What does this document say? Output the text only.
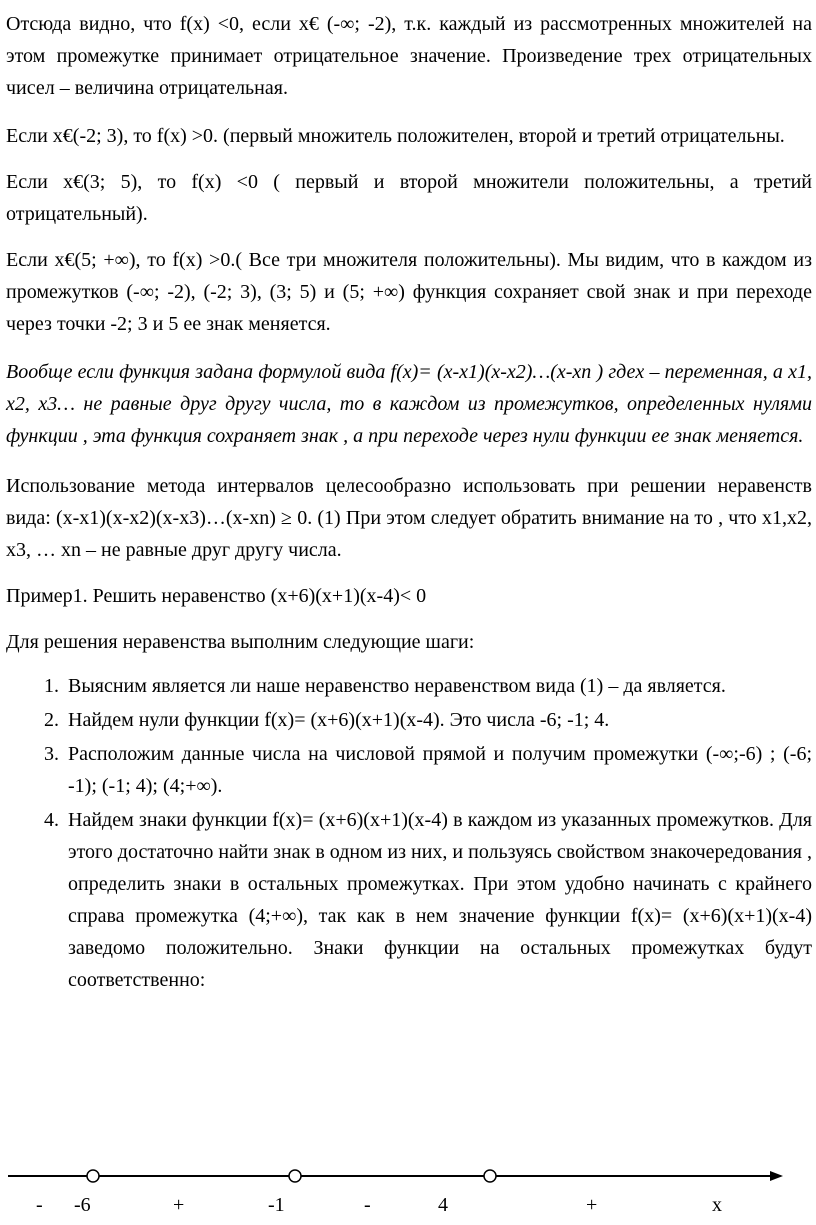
Отсюда видно, что f(x) <0, если x€ (-∞; -2), т.к. каждый из рассмотренных множителей на этом промежутке принимает отрицательное значение. Произведение трех отрицательных чисел – величина отрицательная.

Если x€(-2; 3), то f(x) >0. (первый множитель положителен, второй и третий отрицательны.

Если x€(3; 5), то f(x) <0 ( первый и второй множители положительны, а третий отрицательный).

Если x€(5; +∞), то f(x) >0.( Все три множителя положительны). Мы видим, что в каждом из промежутков (-∞; -2), (-2; 3), (3; 5) и (5; +∞) функция сохраняет свой знак и при переходе через точки -2; 3 и 5 ее знак меняется.

Вообще если функция задана формулой вида f(x)= (x-x1)(x-x2)…(x-xn ) гдеx – переменная, а x1, x2, x3… не равные друг другу числа, то в каждом из промежутков, определенных нулями функции , эта функция сохраняет знак , а при переходе через нули функции ее знак меняется.

Использование метода интервалов целесообразно использовать при решении неравенств вида: (x-x1)(x-x2)(x-x3)…(x-xn) ≥ 0. (1) При этом следует обратить внимание на то , что x1,x2, x3, … xn – не равные друг другу числа.

Пример1. Решить неравенство (x+6)(x+1)(x-4)< 0

Для решения неравенства выполним следующие шаги:

1. Выясним является ли наше неравенство неравенством вида (1) – да является.
2. Найдем нули функции f(x)= (x+6)(x+1)(x-4). Это числа -6; -1; 4.
3. Расположим данные числа на числовой прямой и получим промежутки (-∞;-6) ; (-6; -1); (-1; 4); (4;+∞).
4. Найдем знаки функции f(x)= (x+6)(x+1)(x-4) в каждом из указанных промежутков. Для этого достаточно найти знак в одном из них, и пользуясь свойством знакочередования , определить знаки в остальных промежутках. При этом удобно начинать с крайнего справа промежутка (4;+∞), так как в нем значение функции f(x)= (x+6)(x+1)(x-4) заведомо положительно. Знаки функции на остальных промежутках будут соответственно:
- -6	+	-1	-	4	+	x
